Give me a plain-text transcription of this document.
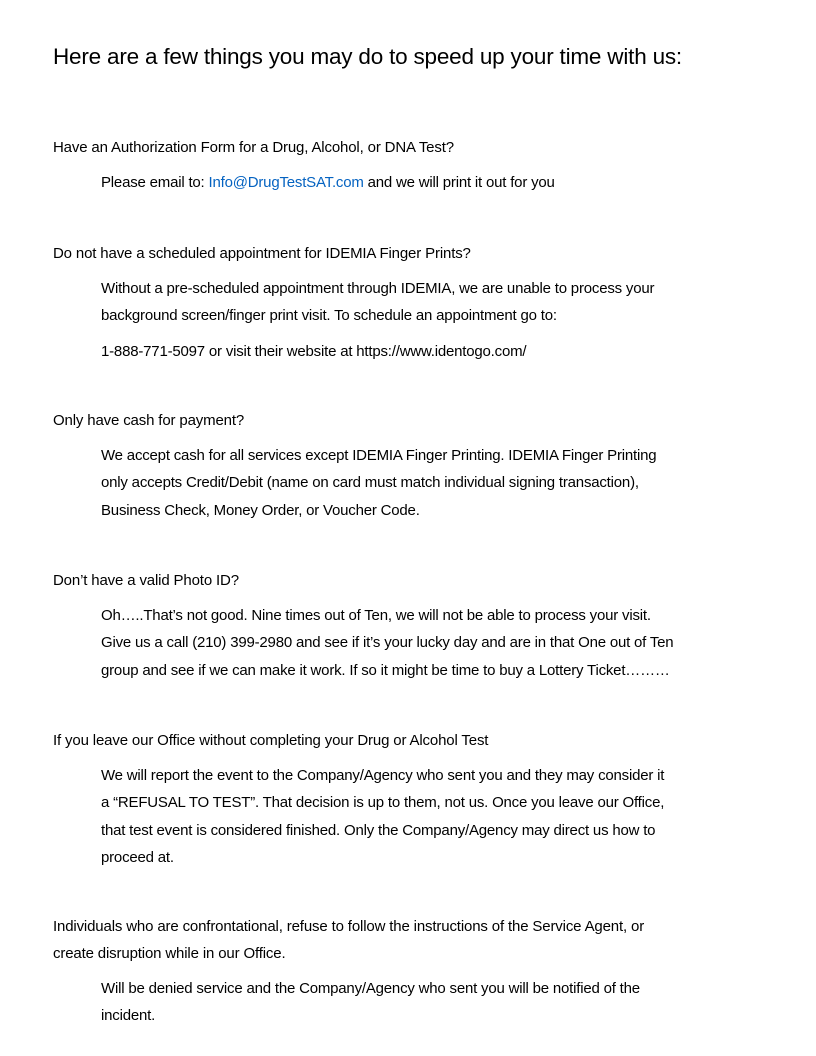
Here are a few things you may do to speed up your time with us:
Have an Authorization Form for a Drug, Alcohol, or DNA Test?

Please email to: Info@DrugTestSAT.com and we will print it out for you

Do not have a scheduled appointment for IDEMIA Finger Prints?

Without a pre-scheduled appointment through IDEMIA, we are unable to process your

background screen/finger print visit. To schedule an appointment go to:

1-888-771-5097 or visit their website at https://www.identogo.com/

Only have cash for payment?

We accept cash for all services except IDEMIA Finger Printing. IDEMIA Finger Printing

only accepts Credit/Debit (name on card must match individual signing transaction),

Business Check, Money Order, or Voucher Code.

Don’t have a valid Photo ID?

Oh…..That’s not good. Nine times out of Ten, we will not be able to process your visit.

Give us a call (210) 399-2980 and see if it’s your lucky day and are in that One out of Ten

group and see if we can make it work. If so it might be time to buy a Lottery Ticket………

If you leave our Office without completing your Drug or Alcohol Test

We will report the event to the Company/Agency who sent you and they may consider it

a “REFUSAL TO TEST”. That decision is up to them, not us. Once you leave our Office,

that test event is considered finished. Only the Company/Agency may direct us how to

proceed at.

Individuals who are confrontational, refuse to follow the instructions of the Service Agent, or
create disruption while in our Office.

Will be denied service and the Company/Agency who sent you will be notified of the

incident.
